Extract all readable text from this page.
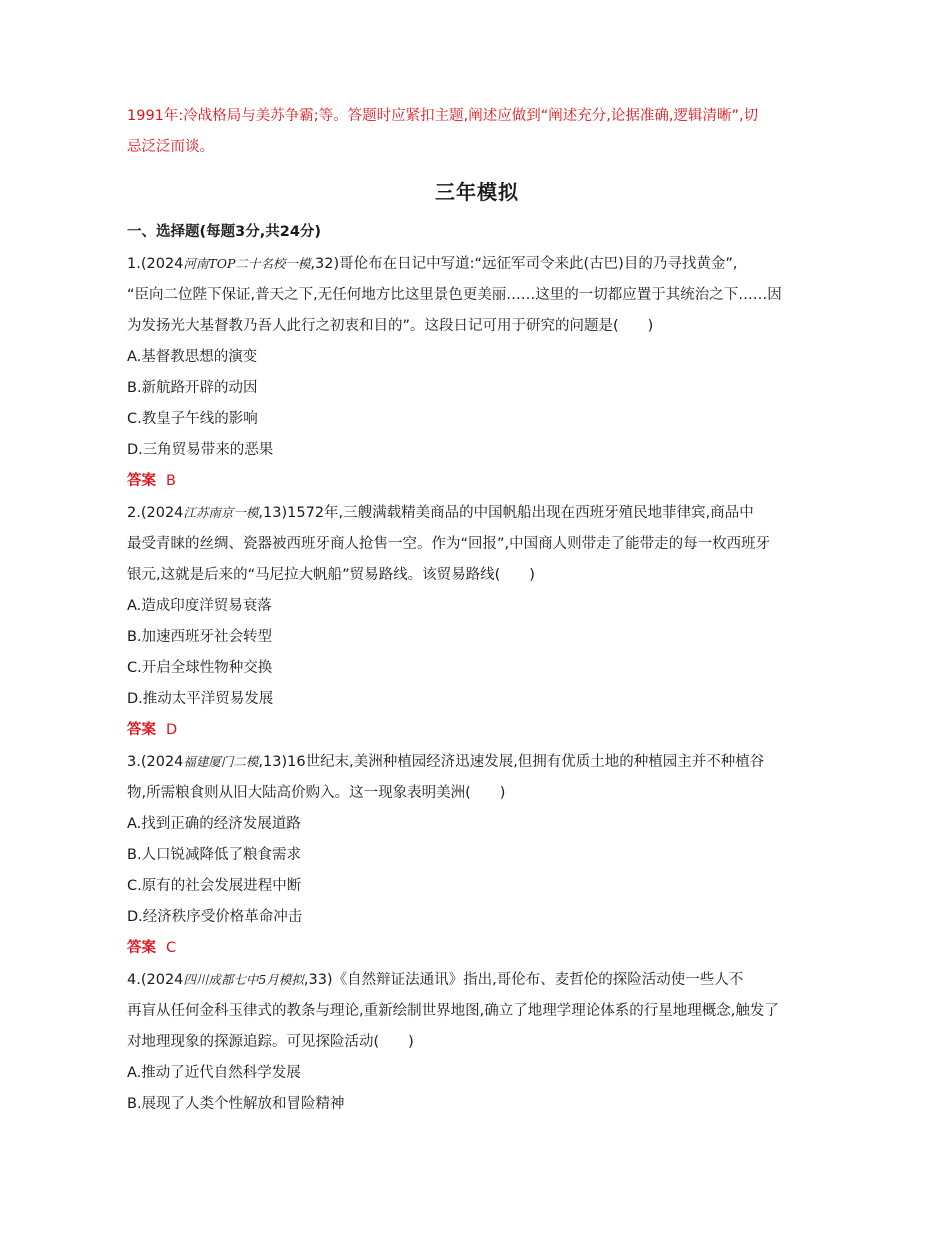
1991年:冷战格局与美苏争霸;等。答题时应紧扣主题,阐述应做到“阐述充分,论据准确,逻辑清晰”,切
忌泛泛而谈。
三年模拟
一、选择题(每题3分,共24分)
1.(2024河南TOP二十名校一模,32)哥伦布在日记中写道:“远征军司令来此(古巴)目的乃寻找黄金”,
“臣向二位陛下保证,普天之下,无任何地方比这里景色更美丽……这里的一切都应置于其统治之下……因
为发扬光大基督教乃吾人此行之初衷和目的”。这段日记可用于研究的问题是(　　)
A.基督教思想的演变
B.新航路开辟的动因
C.教皇子午线的影响
D.三角贸易带来的恶果
答案 B
2.(2024江苏南京一模,13)1572年,三艘满载精美商品的中国帆船出现在西班牙殖民地菲律宾,商品中
最受青睐的丝绸、瓷器被西班牙商人抢售一空。作为“回报”,中国商人则带走了能带走的每一枚西班牙
银元,这就是后来的“马尼拉大帆船”贸易路线。该贸易路线(　　)
A.造成印度洋贸易衰落
B.加速西班牙社会转型
C.开启全球性物种交换
D.推动太平洋贸易发展
答案 D
3.(2024福建厦门二模,13)16世纪末,美洲种植园经济迅速发展,但拥有优质土地的种植园主并不种植谷
物,所需粮食则从旧大陆高价购入。这一现象表明美洲(　　)
A.找到正确的经济发展道路
B.人口锐减降低了粮食需求
C.原有的社会发展进程中断
D.经济秩序受价格革命冲击
答案 C
4.(2024四川成都七中5月模拟,33)《自然辩证法通讯》指出,哥伦布、麦哲伦的探险活动使一些人不
再盲从任何金科玉律式的教条与理论,重新绘制世界地图,确立了地理学理论体系的行星地理概念,触发了
对地理现象的探源追踪。可见探险活动(　　)
A.推动了近代自然科学发展
B.展现了人类个性解放和冒险精神
